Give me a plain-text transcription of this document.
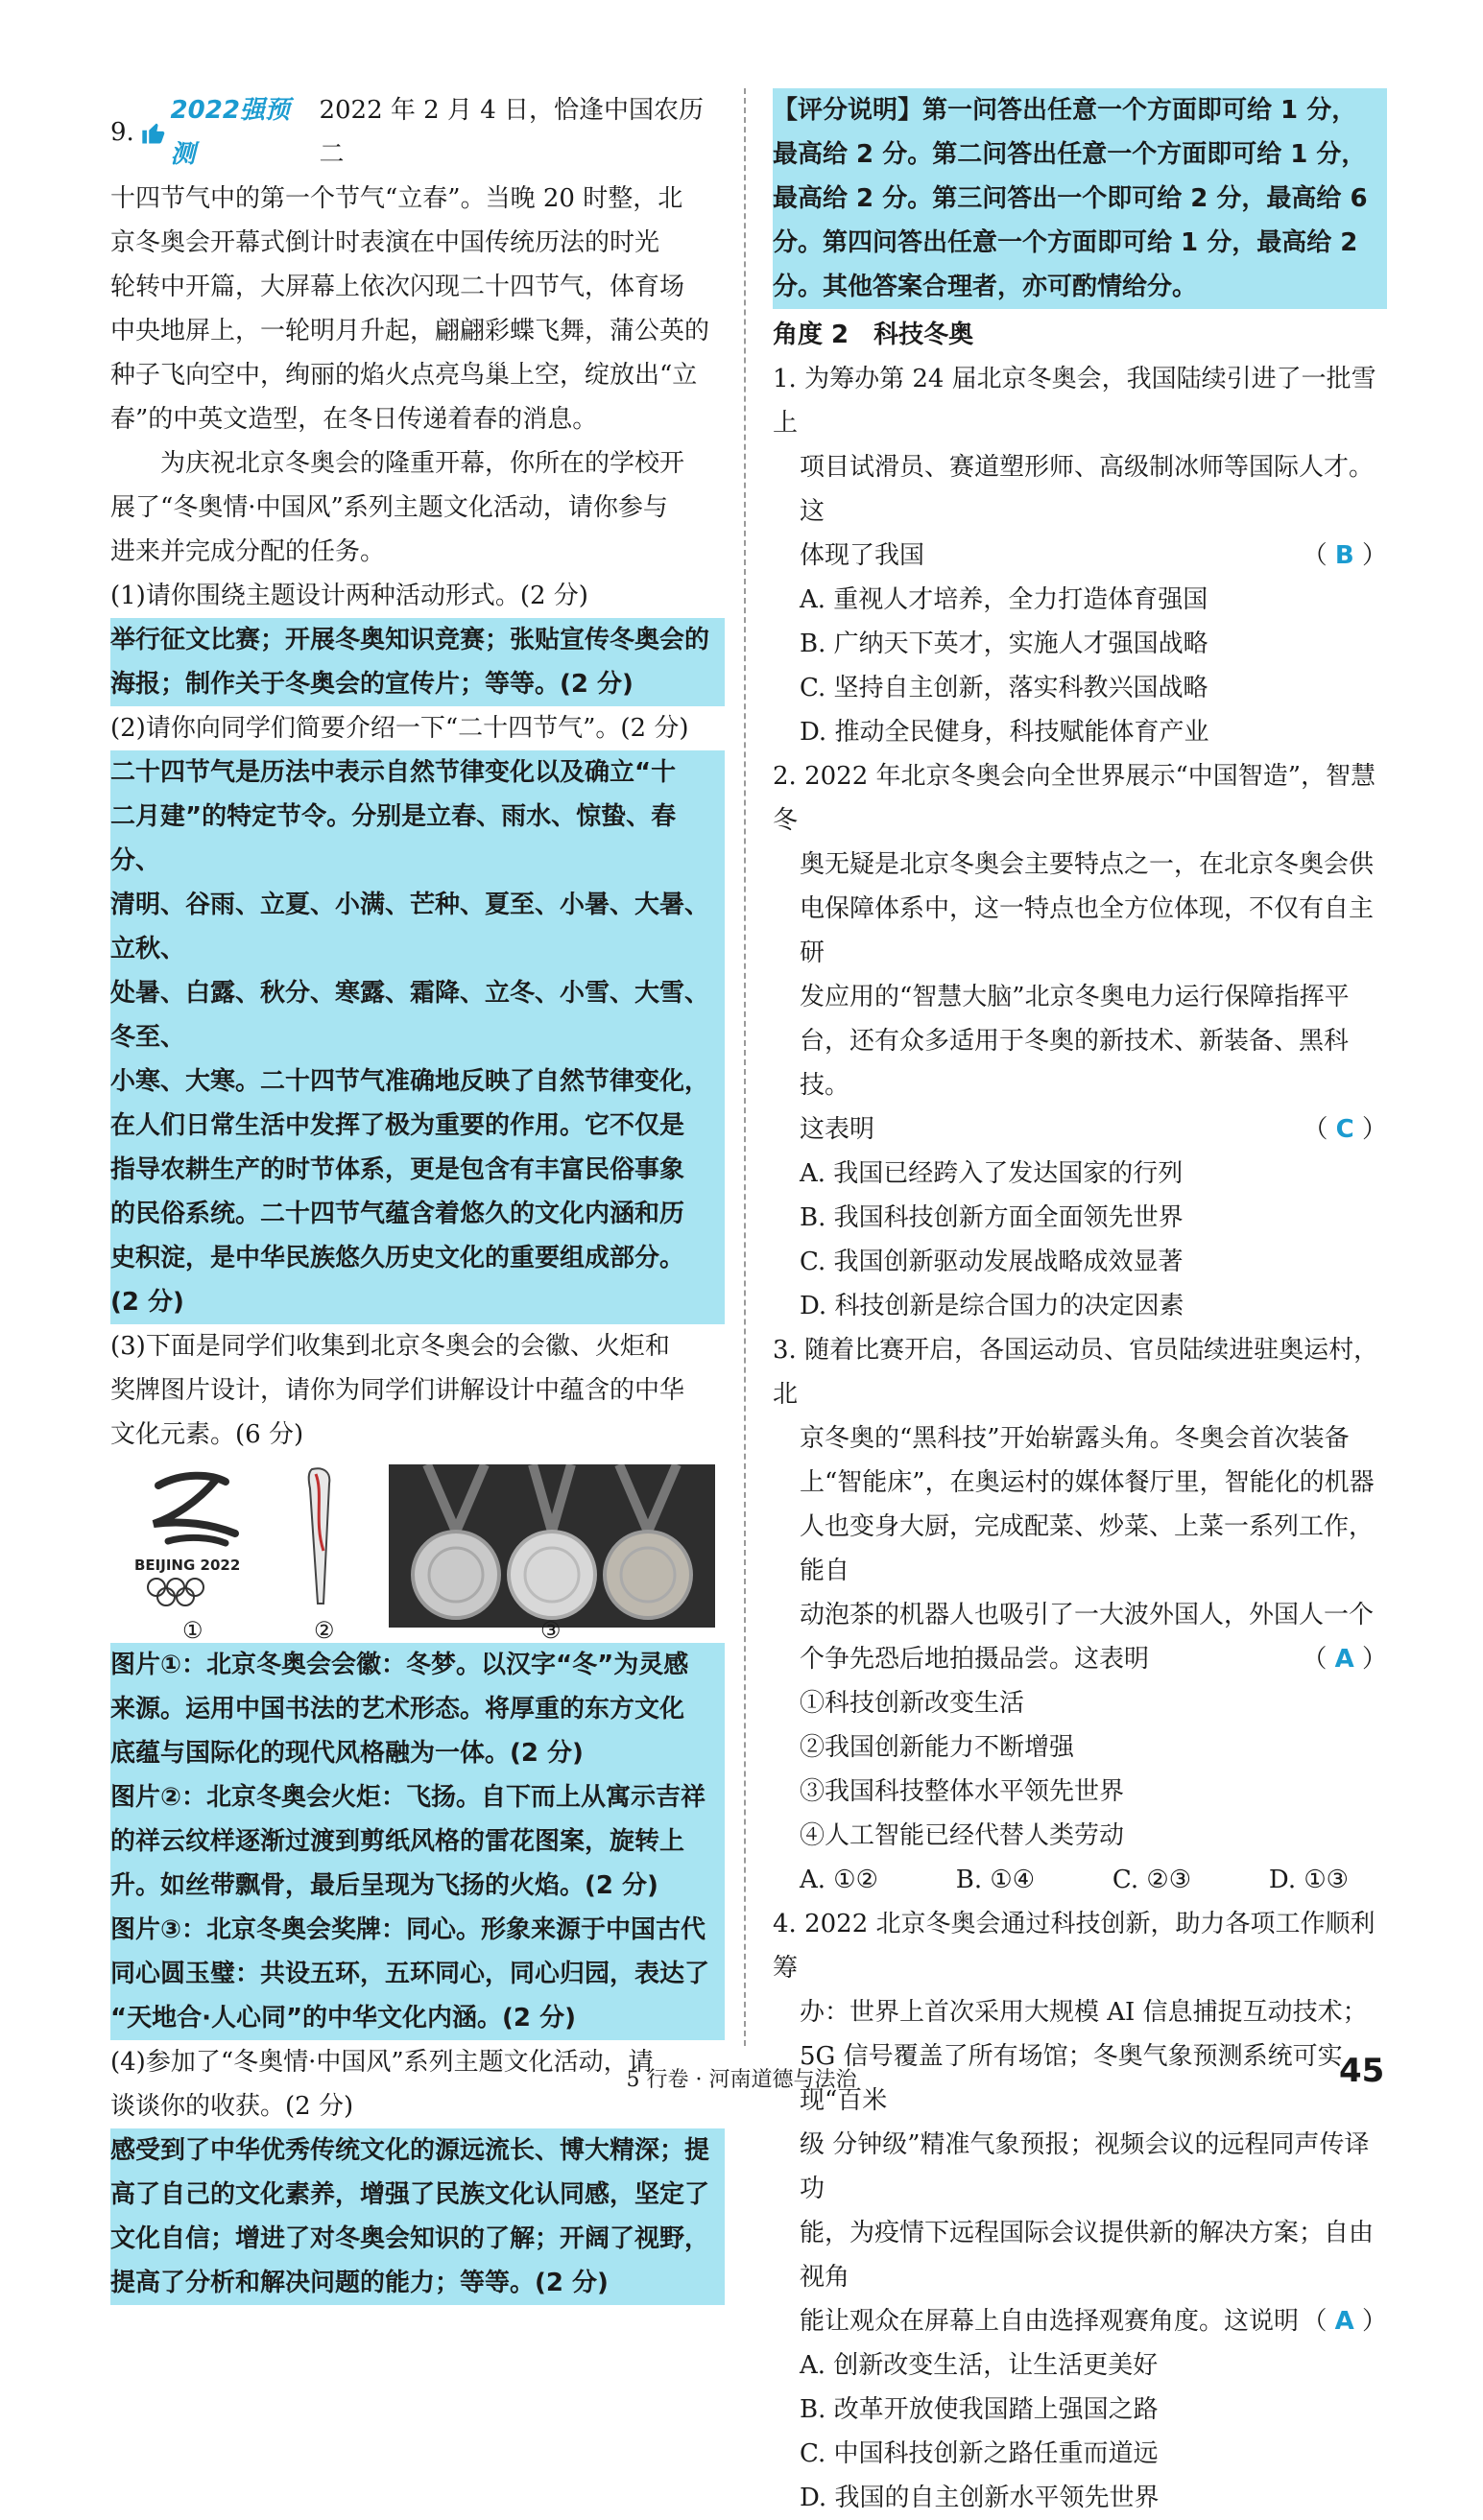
9.
2022强预测
2022 年 2 月 4 日，恰逢中国农历二

十四节气中的第一个节气“立春”。当晚 20 时整，北

京冬奥会开幕式倒计时表演在中国传统历法的时光

轮转中开篇，大屏幕上依次闪现二十四节气，体育场

中央地屏上，一轮明月升起，翩翩彩蝶飞舞，蒲公英的

种子飞向空中，绚丽的焰火点亮鸟巢上空，绽放出“立

春”的中英文造型，在冬日传递着春的消息。

为庆祝北京冬奥会的隆重开幕，你所在的学校开

展了“冬奥情·中国风”系列主题文化活动，请你参与

进来并完成分配的任务。

(1)请你围绕主题设计两种活动形式。(2 分)

举行征文比赛；开展冬奥知识竞赛；张贴宣传冬奥会的

海报；制作关于冬奥会的宣传片；等等。(2 分)

(2)请你向同学们简要介绍一下“二十四节气”。(2 分)

二十四节气是历法中表示自然节律变化以及确立“十

二月建”的特定节令。分别是立春、雨水、惊蛰、春分、

清明、谷雨、立夏、小满、芒种、夏至、小暑、大暑、立秋、

处暑、白露、秋分、寒露、霜降、立冬、小雪、大雪、冬至、

小寒、大寒。二十四节气准确地反映了自然节律变化，

在人们日常生活中发挥了极为重要的作用。它不仅是

指导农耕生产的时节体系，更是包含有丰富民俗事象

的民俗系统。二十四节气蕴含着悠久的文化内涵和历

史积淀，是中华民族悠久历史文化的重要组成部分。

(2 分)

(3)下面是同学们收集到北京冬奥会的会徽、火炬和

奖牌图片设计，请你为同学们讲解设计中蕴含的中华

文化元素。(6 分)

BEIJING 2022
①	②	③

图片①：北京冬奥会会徽：冬梦。以汉字“冬”为灵感

来源。运用中国书法的艺术形态。将厚重的东方文化

底蕴与国际化的现代风格融为一体。(2 分)

图片②：北京冬奥会火炬：飞扬。自下而上从寓示吉祥

的祥云纹样逐渐过渡到剪纸风格的雷花图案，旋转上

升。如丝带飘骨，最后呈现为飞扬的火焰。(2 分)

图片③：北京冬奥会奖牌：同心。形象来源于中国古代

同心圆玉璧：共设五环，五环同心，同心归园，表达了

“天地合·人心同”的中华文化内涵。(2 分)

(4)参加了“冬奥情·中国风”系列主题文化活动，请

谈谈你的收获。(2 分)

感受到了中华优秀传统文化的源远流长、博大精深；提

高了自己的文化素养，增强了民族文化认同感，坚定了

文化自信；增进了对冬奥会知识的了解；开阔了视野，

提高了分析和解决问题的能力；等等。(2 分)

【评分说明】第一问答出任意一个方面即可给 1 分，

最高给 2 分。第二问答出任意一个方面即可给 1 分，

最高给 2 分。第三问答出一个即可给 2 分，最高给 6

分。第四问答出任意一个方面即可给 1 分，最高给 2

分。其他答案合理者，亦可酌情给分。

角度 2　科技冬奥

1. 为筹办第 24 届北京冬奥会，我国陆续引进了一批雪上

项目试滑员、赛道塑形师、高级制冰师等国际人才。这

体现了我国	（ B ）

A. 重视人才培养，全力打造体育强国

B. 广纳天下英才，实施人才强国战略

C. 坚持自主创新，落实科教兴国战略

D. 推动全民健身，科技赋能体育产业

2. 2022 年北京冬奥会向全世界展示“中国智造”，智慧冬

奥无疑是北京冬奥会主要特点之一，在北京冬奥会供

电保障体系中，这一特点也全方位体现，不仅有自主研

发应用的“智慧大脑”北京冬奥电力运行保障指挥平

台，还有众多适用于冬奥的新技术、新装备、黑科技。

这表明	（ C ）

A. 我国已经跨入了发达国家的行列

B. 我国科技创新方面全面领先世界

C. 我国创新驱动发展战略成效显著

D. 科技创新是综合国力的决定因素

3. 随着比赛开启，各国运动员、官员陆续进驻奥运村，北

京冬奥的“黑科技”开始崭露头角。冬奥会首次装备

上“智能床”，在奥运村的媒体餐厅里，智能化的机器

人也变身大厨，完成配菜、炒菜、上菜一系列工作，能自

动泡茶的机器人也吸引了一大波外国人，外国人一个

个争先恐后地拍摄品尝。这表明	（ A ）

①科技创新改变生活

②我国创新能力不断增强

③我国科技整体水平领先世界

④人工智能已经代替人类劳动

A. ①②	B. ①④	C. ②③	D. ①③

4. 2022 北京冬奥会通过科技创新，助力各项工作顺利筹

办：世界上首次采用大规模 AI 信息捕捉互动技术；

5G 信号覆盖了所有场馆；冬奥气象预测系统可实现“百米

级 分钟级”精准气象预报；视频会议的远程同声传译功

能，为疫情下远程国际会议提供新的解决方案；自由视角

能让观众在屏幕上自由选择观赛角度。这说明 （ A ）

A. 创新改变生活，让生活更美好

B. 改革开放使我国踏上强国之路

C. 中国科技创新之路任重而道远

D. 我国的自主创新水平领先世界

5 行卷 · 河南道德与法治	45
